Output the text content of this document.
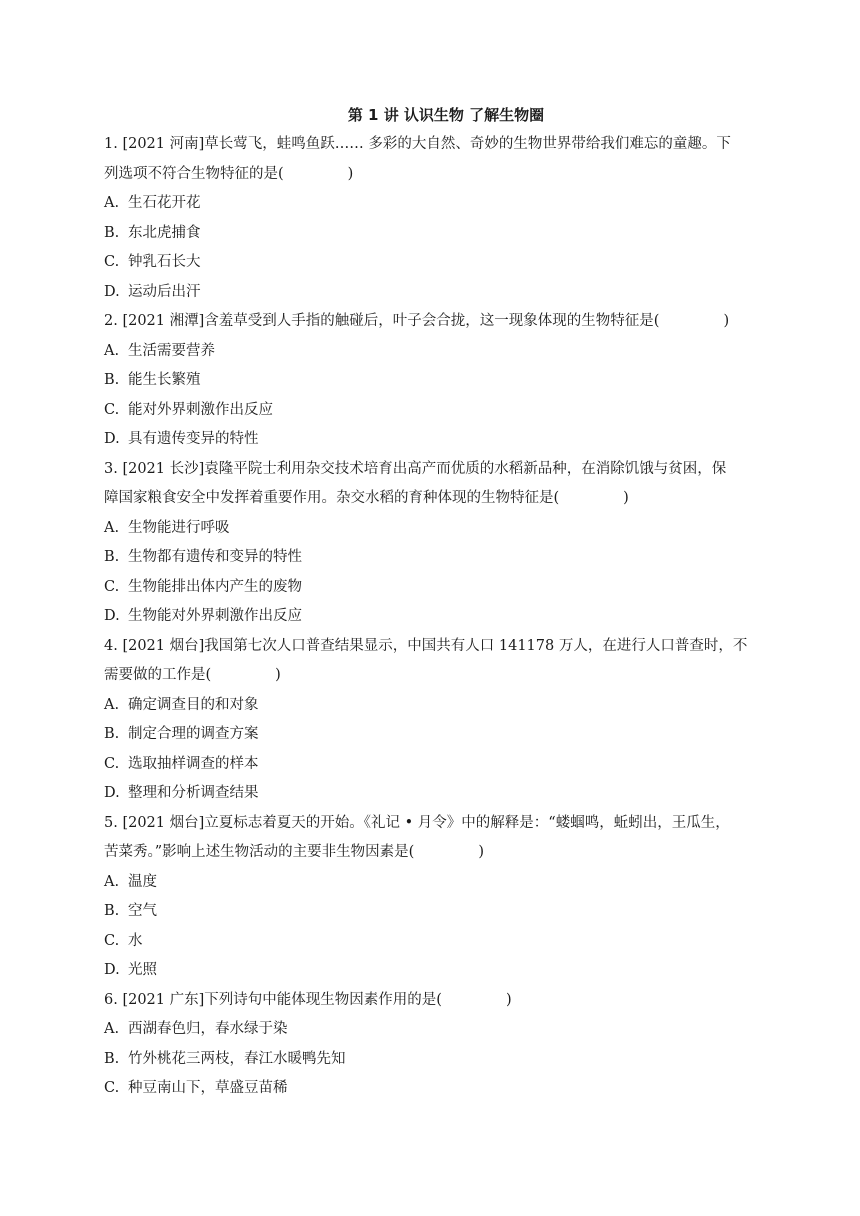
第 1 讲 认识生物 了解生物圈
1. [2021 河南]草长莺飞，蛙鸣鱼跃…… 多彩的大自然、奇妙的生物世界带给我们难忘的童趣。下
列选项不符合生物特征的是(	)
A. 生石花开花
B. 东北虎捕食
C. 钟乳石长大
D. 运动后出汗
2. [2021 湘潭]含羞草受到人手指的触碰后，叶子会合拢，这一现象体现的生物特征是(	)
A. 生活需要营养
B. 能生长繁殖
C. 能对外界刺激作出反应
D. 具有遗传变异的特性
3. [2021 长沙]袁隆平院士利用杂交技术培育出高产而优质的水稻新品种，在消除饥饿与贫困，保
障国家粮食安全中发挥着重要作用。杂交水稻的育种体现的生物特征是(	)
A. 生物能进行呼吸
B. 生物都有遗传和变异的特性
C. 生物能排出体内产生的废物
D. 生物能对外界刺激作出反应
4. [2021 烟台]我国第七次人口普查结果显示，中国共有人口 141178 万人，在进行人口普查时，不
需要做的工作是(	)
A. 确定调查目的和对象
B. 制定合理的调查方案
C. 选取抽样调查的样本
D. 整理和分析调查结果
5. [2021 烟台]立夏标志着夏天的开始。《礼记 • 月令》中的解释是：“蝼蝈鸣，蚯蚓出，王瓜生，
苦菜秀。”影响上述生物活动的主要非生物因素是(	)
A. 温度
B. 空气
C. 水
D. 光照
6. [2021 广东]下列诗句中能体现生物因素作用的是(	)
A. 西湖春色归，春水绿于染
B. 竹外桃花三两枝，春江水暖鸭先知
C. 种豆南山下，草盛豆苗稀
